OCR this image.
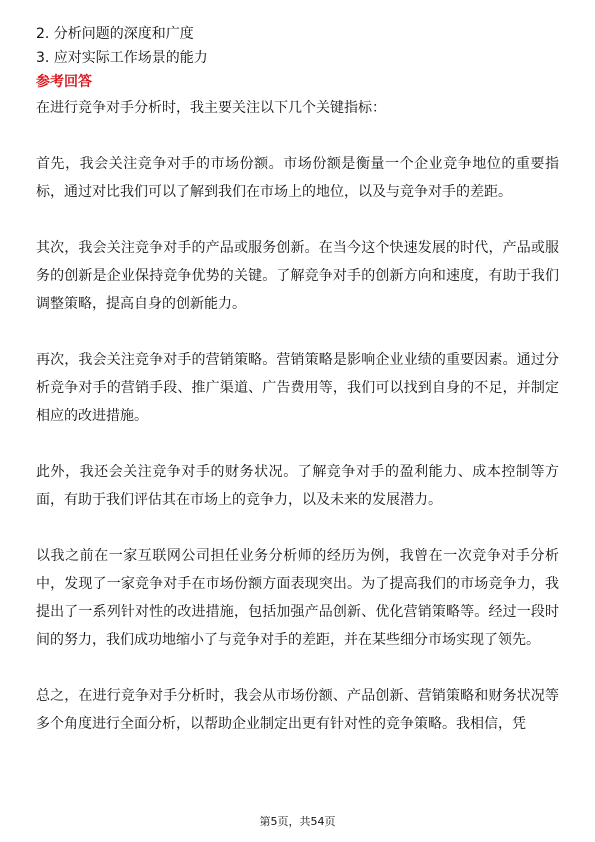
2. 分析问题的深度和广度

3. 应对实际工作场景的能力

参考回答

在进行竞争对手分析时，我主要关注以下几个关键指标：

首先，我会关注竞争对手的市场份额。市场份额是衡量一个企业竞争地位的重要指标，通过对比我们可以了解到我们在市场上的地位，以及与竞争对手的差距。

其次，我会关注竞争对手的产品或服务创新。在当今这个快速发展的时代，产品或服务的创新是企业保持竞争优势的关键。了解竞争对手的创新方向和速度，有助于我们调整策略，提高自身的创新能力。

再次，我会关注竞争对手的营销策略。营销策略是影响企业业绩的重要因素。通过分析竞争对手的营销手段、推广渠道、广告费用等，我们可以找到自身的不足，并制定相应的改进措施。

此外，我还会关注竞争对手的财务状况。了解竞争对手的盈利能力、成本控制等方面，有助于我们评估其在市场上的竞争力，以及未来的发展潜力。

以我之前在一家互联网公司担任业务分析师的经历为例，我曾在一次竞争对手分析中，发现了一家竞争对手在市场份额方面表现突出。为了提高我们的市场竞争力，我提出了一系列针对性的改进措施，包括加强产品创新、优化营销策略等。经过一段时间的努力，我们成功地缩小了与竞争对手的差距，并在某些细分市场实现了领先。

总之，在进行竞争对手分析时，我会从市场份额、产品创新、营销策略和财务状况等多个角度进行全面分析，以帮助企业制定出更有针对性的竞争策略。我相信，凭

第5页，共54页
